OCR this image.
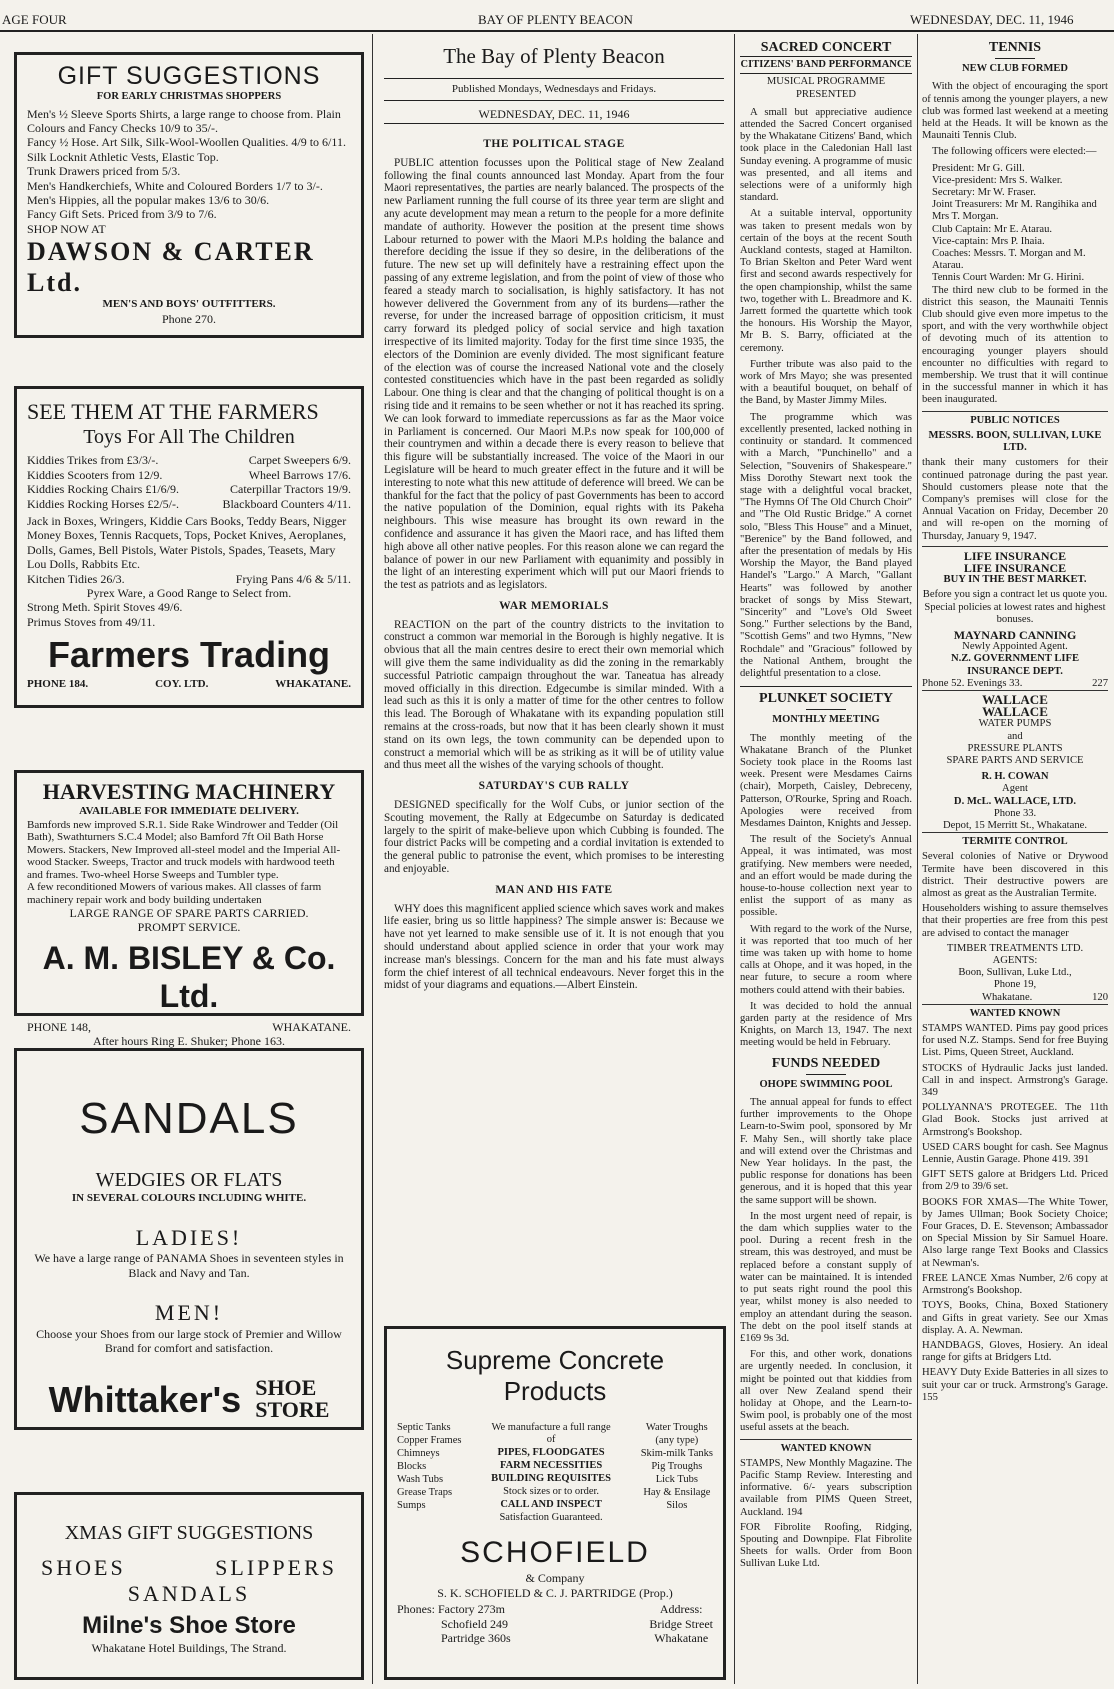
AGE FOUR	BAY OF PLENTY BEACON	WEDNESDAY, DEC. 11, 1946
GIFT SUGGESTIONS
FOR EARLY CHRISTMAS SHOPPERS
Men's ½ Sleeve Sports Shirts, a large range to choose from. Plain Colours and Fancy Checks 10/9 to 35/-.
Fancy ½ Hose. Art Silk, Silk-Wool-Woollen Qualities. 4/9 to 6/11.
Silk Locknit Athletic Vests, Elastic Top.
Trunk Drawers priced from 5/3.
Men's Handkerchiefs, White and Coloured Borders 1/7 to 3/-.
Men's Hippies, all the popular makes 13/6 to 30/6.
Fancy Gift Sets. Priced from 3/9 to 7/6.
SHOP NOW AT
DAWSON & CARTER Ltd.
MEN'S AND BOYS' OUTFITTERS.
Phone 270.
SEE THEM AT THE FARMERS
Toys For All The Children
Kiddies Trikes from £3/3/-.	Carpet Sweepers 6/9.
Kiddies Scooters from 12/9.	Wheel Barrows 17/6.
Kiddies Rocking Chairs £1/6/9.	Caterpillar Tractors 19/9.
Kiddies Rocking Horses £2/5/-.	Blackboard Counters 4/11.
Jack in Boxes, Wringers, Kiddie Cars Books, Teddy Bears, Nigger Money Boxes, Tennis Racquets, Tops, Pocket Knives, Aeroplanes, Dolls, Games, Bell Pistols, Water Pistols, Spades, Teasets, Mary Lou Dolls, Rabbits Etc.
Kitchen Tidies 26/3.	Frying Pans 4/6 & 5/11.
Pyrex Ware, a Good Range to Select from.
Strong Meth. Spirit Stoves 49/6.
Primus Stoves from 49/11.
Farmers Trading
PHONE 184.	COY. LTD.	WHAKATANE.
HARVESTING MACHINERY
AVAILABLE FOR IMMEDIATE DELIVERY.
Bamfords new improved S.R.1. Side Rake Windrower and Tedder (Oil Bath), Swathturners S.C.4 Model; also Bamford 7ft Oil Bath Horse Mowers. Stackers, New Improved all-steel model and the Imperial All-wood Stacker. Sweeps, Tractor and truck models with hardwood teeth and frames. Two-wheel Horse Sweeps and Tumbler type.
A few reconditioned Mowers of various makes. All classes of farm machinery repair work and body building undertaken
LARGE RANGE OF SPARE PARTS CARRIED.
PROMPT SERVICE.
A. M. BISLEY & Co. Ltd.
PHONE 148,	WHAKATANE.
After hours Ring E. Shuker; Phone 163.
SANDALS
WEDGIES OR FLATS
IN SEVERAL COLOURS INCLUDING WHITE.
LADIES!
We have a large range of PANAMA Shoes in seventeen styles in Black and Navy and Tan.
MEN!
Choose your Shoes from our large stock of Premier and Willow Brand for comfort and satisfaction.
Whittaker's SHOE
STORE
XMAS GIFT SUGGESTIONS
SHOES	SLIPPERS
SANDALS
Milne's Shoe Store
Whakatane Hotel Buildings, The Strand.
The Bay of Plenty Beacon
Published Mondays, Wednesdays and Fridays.
WEDNESDAY, DEC. 11, 1946
THE POLITICAL STAGE

PUBLIC attention focusses upon the Political stage of New Zealand following the final counts announced last Monday. Apart from the four Maori representatives, the parties are nearly balanced. The prospects of the new Parliament running the full course of its three year term are slight and any acute development may mean a return to the people for a more definite mandate of authority. However the position at the present time shows Labour returned to power with the Maori M.P.s holding the balance and therefore deciding the issue if they so desire, in the deliberations of the future. The new set up will definitely have a restraining effect upon the passing of any extreme legislation, and from the point of view of those who feared a steady march to socialisation, is highly satisfactory. It has not however delivered the Government from any of its burdens—rather the reverse, for under the increased barrage of opposition criticism, it must carry forward its pledged policy of social service and high taxation irrespective of its limited majority. Today for the first time since 1935, the electors of the Dominion are evenly divided. The most significant feature of the election was of course the increased National vote and the closely contested constituencies which have in the past been regarded as solidly Labour. One thing is clear and that the changing of political thought is on a rising tide and it remains to be seen whether or not it has reached its spring. We can look forward to immediate repercussions as far as the Maor voice in Parliament is concerned. Our Maori M.P.s now speak for 100,000 of their countrymen and within a decade there is every reason to believe that this figure will be substantially increased. The voice of the Maori in our Legislature will be heard to much greater effect in the future and it will be interesting to note what this new attitude of deference will breed. We can be thankful for the fact that the policy of past Governments has been to accord the native population of the Dominion, equal rights with its Pakeha neighbours. This wise measure has brought its own reward in the confidence and assurance it has given the Maori race, and has lifted them high above all other native peoples. For this reason alone we can regard the balance of power in our new Parliament with equanimity and possibly in the light of an interesting experiment which will put our Maori friends to the test as patriots and as legislators.

WAR MEMORIALS

REACTION on the part of the country districts to the invitation to construct a common war memorial in the Borough is highly negative. It is obvious that all the main centres desire to erect their own memorial which will give them the same individuality as did the zoning in the remarkably successful Patriotic campaign throughout the war. Taneatua has already moved officially in this direction. Edgecumbe is similar minded. With a lead such as this it is only a matter of time for the other centres to follow this lead. The Borough of Whakatane with its expanding population still remains at the cross-roads, but now that it has been clearly shown it must stand on its own legs, the town community can be depended upon to construct a memorial which will be as striking as it will be of utility value and thus meet all the wishes of the varying schools of thought.

SATURDAY'S CUB RALLY

DESIGNED specifically for the Wolf Cubs, or junior section of the Scouting movement, the Rally at Edgecumbe on Saturday is dedicated largely to the spirit of make-believe upon which Cubbing is founded. The four district Packs will be competing and a cordial invitation is extended to the general public to patronise the event, which promises to be interesting and enjoyable.

MAN AND HIS FATE

WHY does this magnificent applied science which saves work and makes life easier, bring us so little happiness? The simple answer is: Because we have not yet learned to make sensible use of it. It is not enough that you should understand about applied science in order that your work may increase man's blessings. Concern for the man and his fate must always form the chief interest of all technical endeavours. Never forget this in the midst of your diagrams and equations.—Albert Einstein.

Supreme Concrete
Products
Septic Tanks
Copper Frames
Chimneys
Blocks
Wash Tubs
Grease Traps
Sumps
We manufacture a full range of
PIPES, FLOODGATES
FARM NECESSITIES
BUILDING REQUISITES
Stock sizes or to order.
CALL AND INSPECT
Satisfaction Guaranteed.
Water Troughs
(any type)
Skim-milk Tanks
Pig Troughs
Lick Tubs
Hay & Ensilage
Silos
SCHOFIELD
& Company
S. K. SCHOFIELD & C. J. PARTRIDGE (Prop.)
Phones: Factory 273m
Schofield 249
Partridge 360s
Address:
Bridge Street
Whakatane
SACRED CONCERT
CITIZENS' BAND PERFORMANCE
MUSICAL PROGRAMME PRESENTED

A small but appreciative audience attended the Sacred Concert organised by the Whakatane Citizens' Band, which took place in the Caledonian Hall last Sunday evening. A programme of music was presented, and all items and selections were of a uniformly high standard.

At a suitable interval, opportunity was taken to present medals won by certain of the boys at the recent South Auckland contests, staged at Hamilton. To Brian Skelton and Peter Ward went first and second awards respectively for the open championship, whilst the same two, together with L. Breadmore and K. Jarrett formed the quartette which took the honours. His Worship the Mayor, Mr B. S. Barry, officiated at the ceremony.

Further tribute was also paid to the work of Mrs Mayo; she was presented with a beautiful bouquet, on behalf of the Band, by Master Jimmy Miles.

The programme which was excellently presented, lacked nothing in continuity or standard. It commenced with a March, "Punchinello" and a Selection, "Souvenirs of Shakespeare." Miss Dorothy Stewart next took the stage with a delightful vocal bracket, "The Hymns Of The Old Church Choir" and "The Old Rustic Bridge." A cornet solo, "Bless This House" and a Minuet, "Berenice" by the Band followed, and after the presentation of medals by His Worship the Mayor, the Band played Handel's "Largo." A March, "Gallant Hearts" was followed by another bracket of songs by Miss Stewart, "Sincerity" and "Love's Old Sweet Song." Further selections by the Band, "Scottish Gems" and two Hymns, "New Rochdale" and "Gracious" followed by the National Anthem, brought the delightful presentation to a close.

PLUNKET SOCIETY
MONTHLY MEETING

The monthly meeting of the Whakatane Branch of the Plunket Society took place in the Rooms last week. Present were Mesdames Cairns (chair), Morpeth, Caisley, Debreceny, Patterson, O'Rourke, Spring and Roach. Apologies were received from Mesdames Dainton, Knights and Jessep.

The result of the Society's Annual Appeal, it was intimated, was most gratifying. New members were needed, and an effort would be made during the house-to-house collection next year to enlist the support of as many as possible.

With regard to the work of the Nurse, it was reported that too much of her time was taken up with home to home calls at Ohope, and it was hoped, in the near future, to secure a room where mothers could attend with their babies.

It was decided to hold the annual garden party at the residence of Mrs Knights, on March 13, 1947. The next meeting would be held in February.

FUNDS NEEDED
OHOPE SWIMMING POOL

The annual appeal for funds to effect further improvements to the Ohope Learn-to-Swim pool, sponsored by Mr F. Mahy Sen., will shortly take place and will extend over the Christmas and New Year holidays. In the past, the public response for donations has been generous, and it is hoped that this year the same support will be shown.

In the most urgent need of repair, is the dam which supplies water to the pool. During a recent fresh in the stream, this was destroyed, and must be replaced before a constant supply of water can be maintained. It is intended to put seats right round the pool this year, whilst money is also needed to employ an attendant during the season. The debt on the pool itself stands at £169 9s 3d.

For this, and other work, donations are urgently needed. In conclusion, it might be pointed out that kiddies from all over New Zealand spend their holiday at Ohope, and the Learn-to-Swim pool, is probably one of the most useful assets at the beach.

WANTED KNOWN

STAMPS, New Monthly Magazine. The Pacific Stamp Review. Interesting and informative. 6/- years subscription available from PIMS Queen Street, Auckland. 194

FOR Fibrolite Roofing, Ridging, Spouting and Downpipe. Flat Fibrolite Sheets for walls. Order from Boon Sullivan Luke Ltd.

TENNIS
NEW CLUB FORMED

With the object of encouraging the sport of tennis among the younger players, a new club was formed last weekend at a meeting held at the Heads. It will be known as the Maunaiti Tennis Club.

The following officers were elected:—

President: Mr G. Gill.
Vice-president: Mrs S. Walker.
Secretary: Mr W. Fraser.
Joint Treasurers: Mr M. Rangihika and Mrs T. Morgan.
Club Captain: Mr E. Atarau.
Vice-captain: Mrs P. Ihaia.
Coaches: Messrs. T. Morgan and M. Atarau.
Tennis Court Warden: Mr G. Hirini.

The third new club to be formed in the district this season, the Maunaiti Tennis Club should give even more impetus to the sport, and with the very worthwhile object of devoting much of its attention to encouraging younger players should encounter no difficulties with regard to membership. We trust that it will continue in the successful manner in which it has been inaugurated.

PUBLIC NOTICES
MESSRS. BOON, SULLIVAN, LUKE LTD.

thank their many customers for their continued patronage during the past year. Should customers please note that the Company's premises will close for the Annual Vacation on Friday, December 20 and will re-open on the morning of Thursday, January 9, 1947.

LIFE INSURANCE
LIFE INSURANCE
BUY IN THE BEST MARKET.
Before you sign a contract let us quote you.
Special policies at lowest rates and highest bonuses.
MAYNARD CANNING
Newly Appointed Agent.
N.Z. GOVERNMENT LIFE INSURANCE DEPT.
Phone 52. Evenings 33.	227
WALLACE
WALLACE
WATER PUMPS
and
PRESSURE PLANTS
SPARE PARTS AND SERVICE
R. H. COWAN
Agent
D. McL. WALLACE, LTD.
Phone 33.
Depot, 15 Merritt St., Whakatane.
TERMITE CONTROL

Several colonies of Native or Drywood Termite have been discovered in this district. Their destructive powers are almost as great as the Australian Termite.

Householders wishing to assure themselves that their properties are free from this pest are advised to contact the manager

TIMBER TREATMENTS LTD.
AGENTS:
Boon, Sullivan, Luke Ltd.,
Phone 19,
Whakatane.	120
WANTED KNOWN

STAMPS WANTED. Pims pay good prices for used N.Z. Stamps. Send for free Buying List. Pims, Queen Street, Auckland.

STOCKS of Hydraulic Jacks just landed. Call in and inspect. Armstrong's Garage. 349

POLLYANNA'S PROTEGEE. The 11th Glad Book. Stocks just arrived at Armstrong's Bookshop.

USED CARS bought for cash. See Magnus Lennie, Austin Garage. Phone 419. 391

GIFT SETS galore at Bridgers Ltd. Priced from 2/9 to 39/6 set.

BOOKS FOR XMAS—The White Tower, by James Ullman; Book Society Choice; Four Graces, D. E. Stevenson; Ambassador on Special Mission by Sir Samuel Hoare. Also large range Text Books and Classics at Newman's.

FREE LANCE Xmas Number, 2/6 copy at Armstrong's Bookshop.

TOYS, Books, China, Boxed Stationery and Gifts in great variety. See our Xmas display. A. A. Newman.

HANDBAGS, Gloves, Hosiery. An ideal range for gifts at Bridgers Ltd.

HEAVY Duty Exide Batteries in all sizes to suit your car or truck. Armstrong's Garage. 155
